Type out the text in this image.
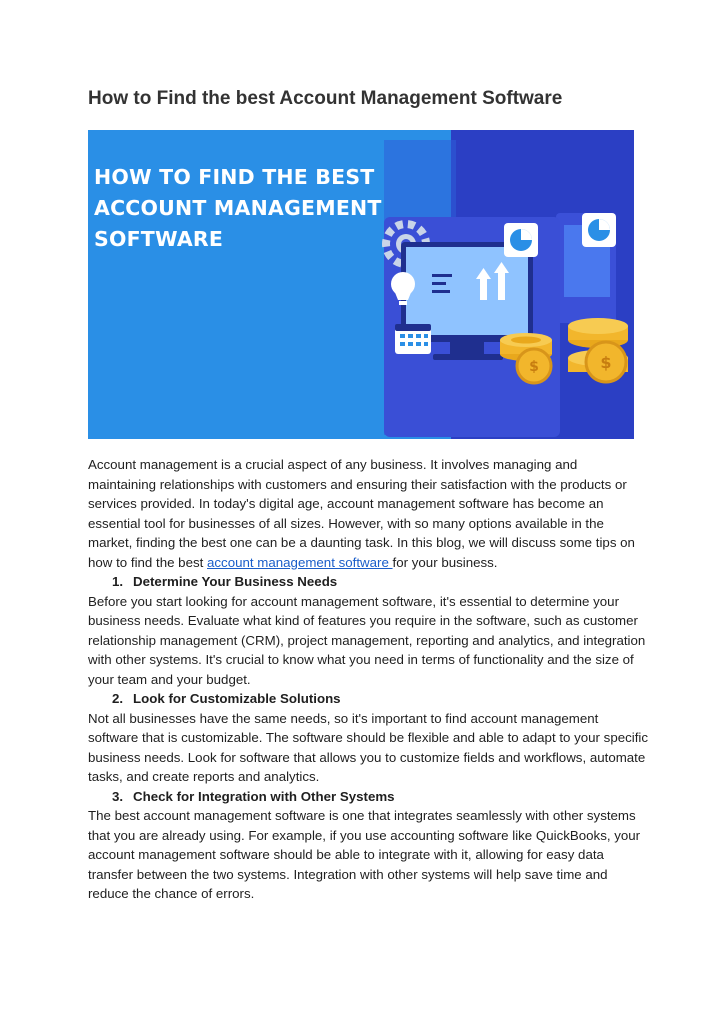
How to Find the best Account Management Software
$
$
HOW TO FIND THE BEST
ACCOUNT MANAGEMENT
SOFTWARE

Account management is a crucial aspect of any business. It involves managing and maintaining relationships with customers and ensuring their satisfaction with the products or services provided. In today's digital age, account management software has become an essential tool for businesses of all sizes. However, with so many options available in the market, finding the best one can be a daunting task. In this blog, we will discuss some tips on how to find the best account management software for your business.

1. Determine Your Business Needs

Before you start looking for account management software, it's essential to determine your business needs. Evaluate what kind of features you require in the software, such as customer relationship management (CRM), project management, reporting and analytics, and integration with other systems. It's crucial to know what you need in terms of functionality and the size of your team and your budget.

2. Look for Customizable Solutions

Not all businesses have the same needs, so it's important to find account management software that is customizable. The software should be flexible and able to adapt to your specific business needs. Look for software that allows you to customize fields and workflows, automate tasks, and create reports and analytics.

3. Check for Integration with Other Systems

The best account management software is one that integrates seamlessly with other systems that you are already using. For example, if you use accounting software like QuickBooks, your account management software should be able to integrate with it, allowing for easy data transfer between the two systems. Integration with other systems will help save time and reduce the chance of errors.
